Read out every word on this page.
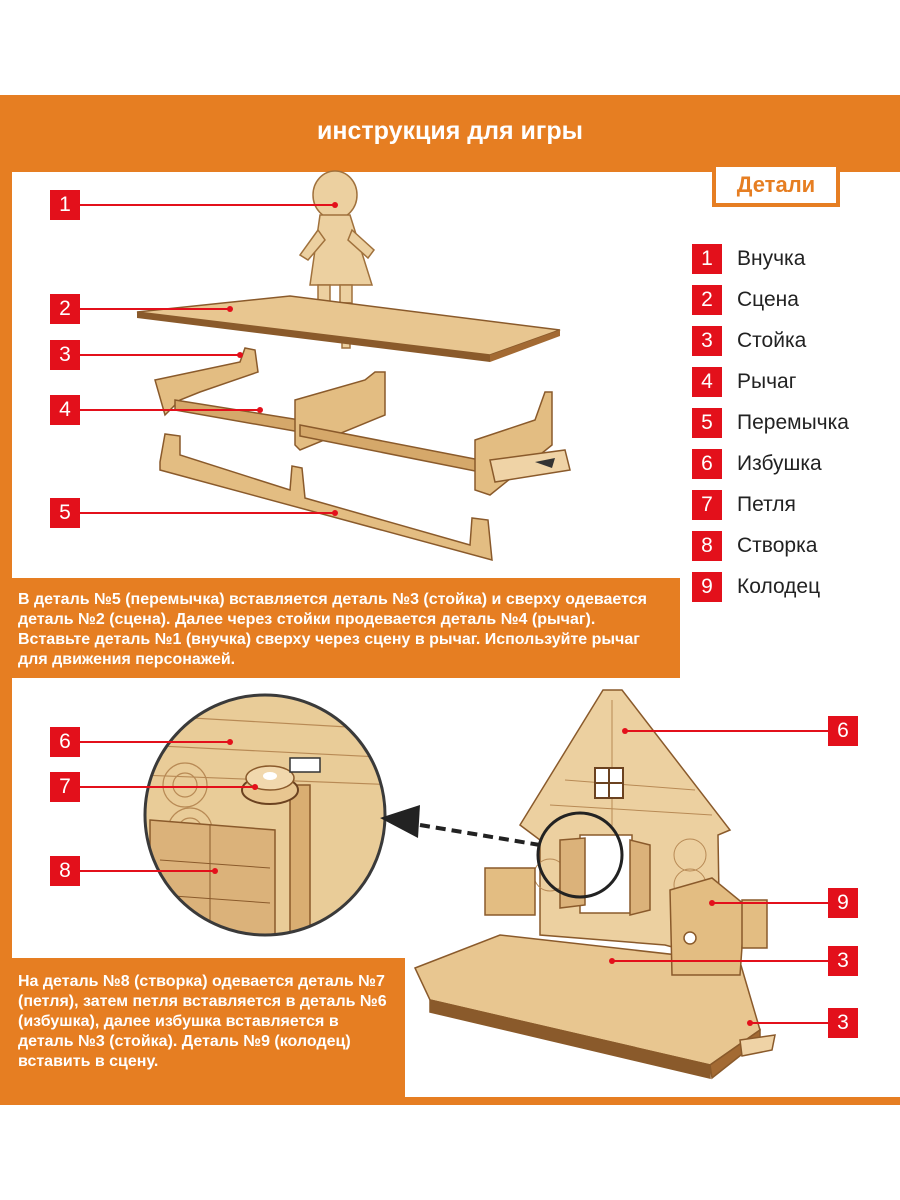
инструкция для игры
Детали
1	Внучка
2	Сцена
3	Стойка
4	Рычаг
5	Перемычка
6	Избушка
7	Петля
8	Створка
9	Колодец
1
2
3
4
5
6
7
8
6
9
3
3
В деталь №5 (перемычка) вставляется деталь №3 (стойка) и сверху одевается деталь №2 (сцена). Далее через стойки продевается деталь №4 (рычаг). Вставьте деталь №1 (внучка) сверху через сцену в рычаг. Используйте рычаг для движения персонажей.
На деталь №8 (створка) одевается деталь №7 (петля), затем петля вставляется в деталь №6 (избушка), далее избушка вставляется в деталь №3 (стойка). Деталь №9 (колодец) вставить в сцену.
